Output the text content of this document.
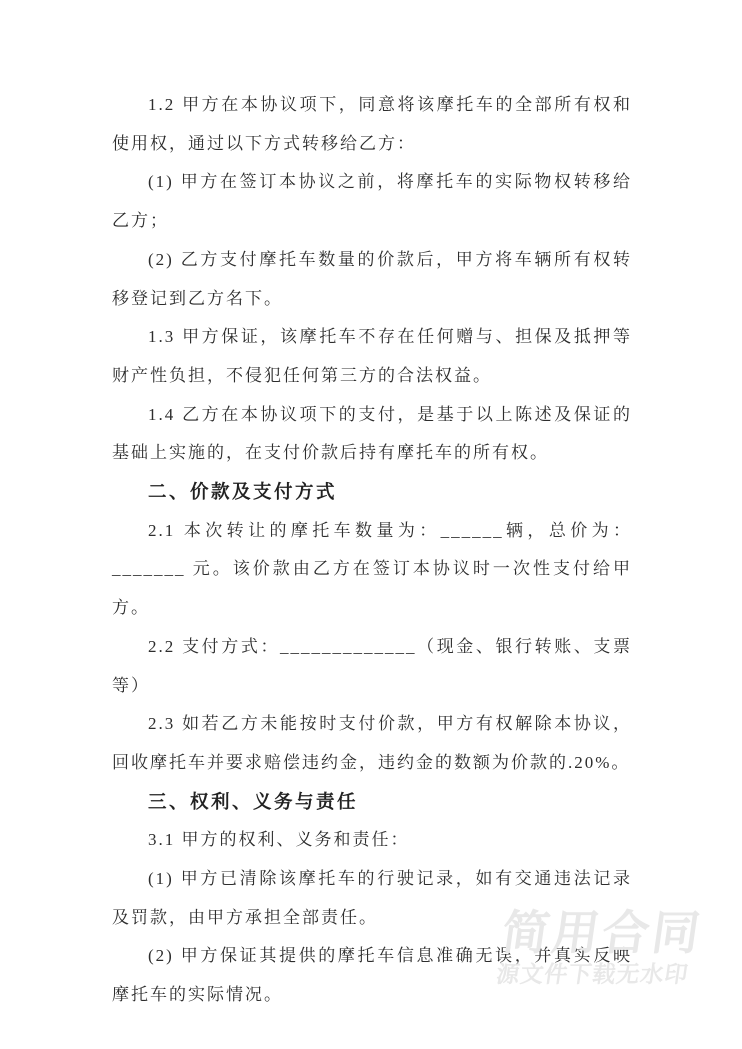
1.2 甲方在本协议项下，同意将该摩托车的全部所有权和使用权，通过以下方式转移给乙方：

(1) 甲方在签订本协议之前，将摩托车的实际物权转移给乙方；

(2) 乙方支付摩托车数量的价款后，甲方将车辆所有权转移登记到乙方名下。

1.3 甲方保证，该摩托车不存在任何赠与、担保及抵押等财产性负担，不侵犯任何第三方的合法权益。

1.4 乙方在本协议项下的支付，是基于以上陈述及保证的基础上实施的，在支付价款后持有摩托车的所有权。

二、价款及支付方式

2.1 本次转让的摩托车数量为：______辆，总价为：_______ 元。该价款由乙方在签订本协议时一次性支付给甲方。

2.2 支付方式：_____________（现金、银行转账、支票等）

2.3 如若乙方未能按时支付价款，甲方有权解除本协议，回收摩托车并要求赔偿违约金，违约金的数额为价款的.20%。

三、权利、义务与责任

3.1 甲方的权利、义务和责任：

(1) 甲方已清除该摩托车的行驶记录，如有交通违法记录及罚款，由甲方承担全部责任。

(2) 甲方保证其提供的摩托车信息准确无误，并真实反映摩托车的实际情况。

简用合同
源文件下载无水印
